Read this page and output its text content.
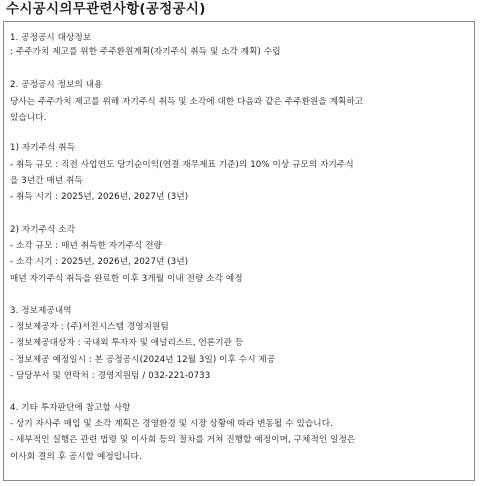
수시공시의무관련사항(공정공시)
1. 공정공시 대상정보
: 주주가치 제고를 위한 주주환원계획(자기주식 취득 및 소각 계획) 수립
2. 공정공시 정보의 내용
당사는 주주가치 제고를 위해 자기주식 취득 및 소각에 대한 다음과 같은 주주환원을 계획하고
있습니다.
1) 자기주식 취득
- 취득 규모 : 직전 사업연도 당기순이익(연결 재무제표 기준)의 10% 이상 규모의 자기주식
을 3년간 매년 취득
- 취득 시기 : 2025년, 2026년, 2027년 (3년)
2) 자기주식 소각
- 소각 규모 : 매년 취득한 자기주식 전량
- 소각 시기 : 2025년, 2026년, 2027년 (3년)
매년 자기주식 취득을 완료한 이후 3개월 이내 전량 소각 예정
3. 정보제공내역
- 정보제공자 : (주)서진시스템 경영지원팀
- 정보제공대상자 : 국내외 투자자 및 애널리스트, 언론기관 등
- 정보제공 예정일시 : 본 공정공시(2024년 12월 3일) 이후 수시 제공
- 담당부서 및 연락처 : 경영지원팀 / 032-221-0733
4. 기타 투자판단에 참고할 사항
- 상기 자사주 매입 및 소각 계획은 경영환경 및 시장 상황에 따라 변동될 수 있습니다.
- 세부적인 실행은 관련 법령 및 이사회 등의 절차를 거쳐 진행할 예정이며, 구체적인 일정은
이사회 결의 후 공시할 예정입니다.
